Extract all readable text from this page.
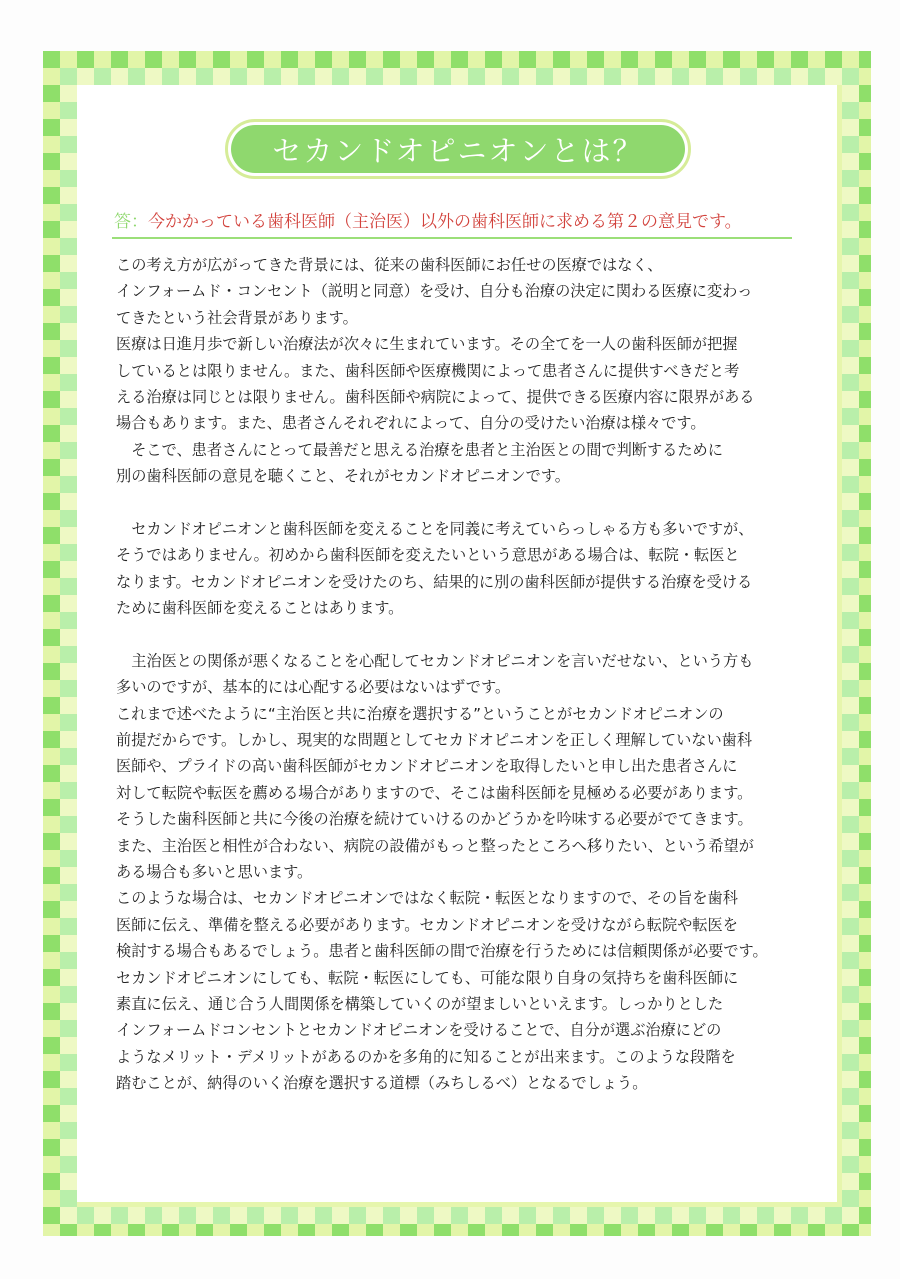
セカンドオピニオンとは？
答：今かかっている歯科医師（主治医）以外の歯科医師に求める第２の意見です。
この考え方が広がってきた背景には、従来の歯科医師にお任せの医療ではなく、
インフォームド・コンセント（説明と同意）を受け、自分も治療の決定に関わる医療に変わっ
てきたという社会背景があります。
医療は日進月歩で新しい治療法が次々に生まれています。その全てを一人の歯科医師が把握
しているとは限りません。また、歯科医師や医療機関によって患者さんに提供すべきだと考
える治療は同じとは限りません。歯科医師や病院によって、提供できる医療内容に限界がある
場合もあります。また、患者さんそれぞれによって、自分の受けたい治療は様々です。
　そこで、患者さんにとって最善だと思える治療を患者と主治医との間で判断するために
別の歯科医師の意見を聴くこと、それがセカンドオピニオンです。
　セカンドオピニオンと歯科医師を変えることを同義に考えていらっしゃる方も多いですが、
そうではありません。初めから歯科医師を変えたいという意思がある場合は、転院・転医と
なります。セカンドオピニオンを受けたのち、結果的に別の歯科医師が提供する治療を受ける
ために歯科医師を変えることはあります。
　主治医との関係が悪くなることを心配してセカンドオピニオンを言いだせない、という方も
多いのですが、基本的には心配する必要はないはずです。
これまで述べたように“主治医と共に治療を選択する”ということがセカンドオピニオンの
前提だからです。しかし、現実的な問題としてセカドオピニオンを正しく理解していない歯科
医師や、プライドの高い歯科医師がセカンドオピニオンを取得したいと申し出た患者さんに
対して転院や転医を薦める場合がありますので、そこは歯科医師を見極める必要があります。
そうした歯科医師と共に今後の治療を続けていけるのかどうかを吟味する必要がでてきます。
また、主治医と相性が合わない、病院の設備がもっと整ったところへ移りたい、という希望が
ある場合も多いと思います。
このような場合は、セカンドオピニオンではなく転院・転医となりますので、その旨を歯科
医師に伝え、準備を整える必要があります。セカンドオピニオンを受けながら転院や転医を
検討する場合もあるでしょう。患者と歯科医師の間で治療を行うためには信頼関係が必要です。
セカンドオピニオンにしても、転院・転医にしても、可能な限り自身の気持ちを歯科医師に
素直に伝え、通じ合う人間関係を構築していくのが望ましいといえます。しっかりとした
インフォームドコンセントとセカンドオピニオンを受けることで、自分が選ぶ治療にどの
ようなメリット・デメリットがあるのかを多角的に知ることが出来ます。このような段階を
踏むことが、納得のいく治療を選択する道標（みちしるべ）となるでしょう。
